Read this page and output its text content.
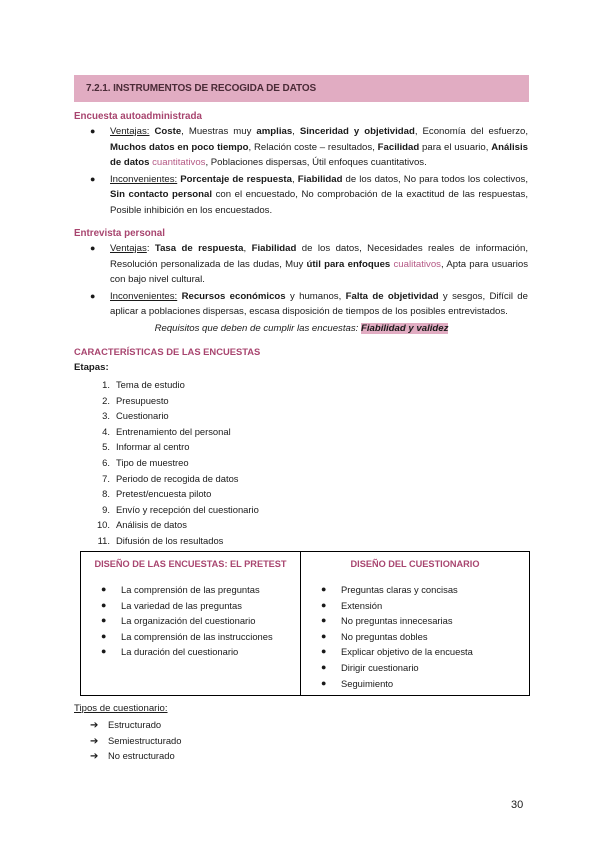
7.2.1. INSTRUMENTOS DE RECOGIDA DE DATOS
Encuesta autoadministrada
● Ventajas: Coste, Muestras muy amplias, Sinceridad y objetividad, Economía del esfuerzo, Muchos datos en poco tiempo, Relación coste – resultados, Facilidad para el usuario, Análisis de datos cuantitativos, Poblaciones dispersas, Útil enfoques cuantitativos.
● Inconvenientes: Porcentaje de respuesta, Fiabilidad de los datos, No para todos los colectivos, Sin contacto personal con el encuestado, No comprobación de la exactitud de las respuestas, Posible inhibición en los encuestados.
Entrevista personal
● Ventajas: Tasa de respuesta, Fiabilidad de los datos, Necesidades reales de información, Resolución personalizada de las dudas, Muy útil para enfoques cualitativos, Apta para usuarios con bajo nivel cultural.
● Inconvenientes: Recursos económicos y humanos, Falta de objetividad y sesgos, Difícil de aplicar a poblaciones dispersas, escasa disposición de tiempos de los posibles entrevistados.
Requisitos que deben de cumplir las encuestas: Fiabilidad y validez
CARACTERÍSTICAS DE LAS ENCUESTAS
Etapas:
1. Tema de estudio
2. Presupuesto
3. Cuestionario
4. Entrenamiento del personal
5. Informar al centro
6. Tipo de muestreo
7. Periodo de recogida de datos
8. Pretest/encuesta piloto
9. Envío y recepción del cuestionario
10. Análisis de datos
11. Difusión de los resultados
DISEÑO DE LAS ENCUESTAS: EL PRETEST
● La comprensión de las preguntas
● La variedad de las preguntas
● La organización del cuestionario
● La comprensión de las instrucciones
● La duración del cuestionario
DISEÑO DEL CUESTIONARIO
● Preguntas claras y concisas
● Extensión
● No preguntas innecesarias
● No preguntas dobles
● Explicar objetivo de la encuesta
● Dirigir cuestionario
● Seguimiento
Tipos de cuestionario:
➔ Estructurado
➔ Semiestructurado
➔ No estructurado
30
